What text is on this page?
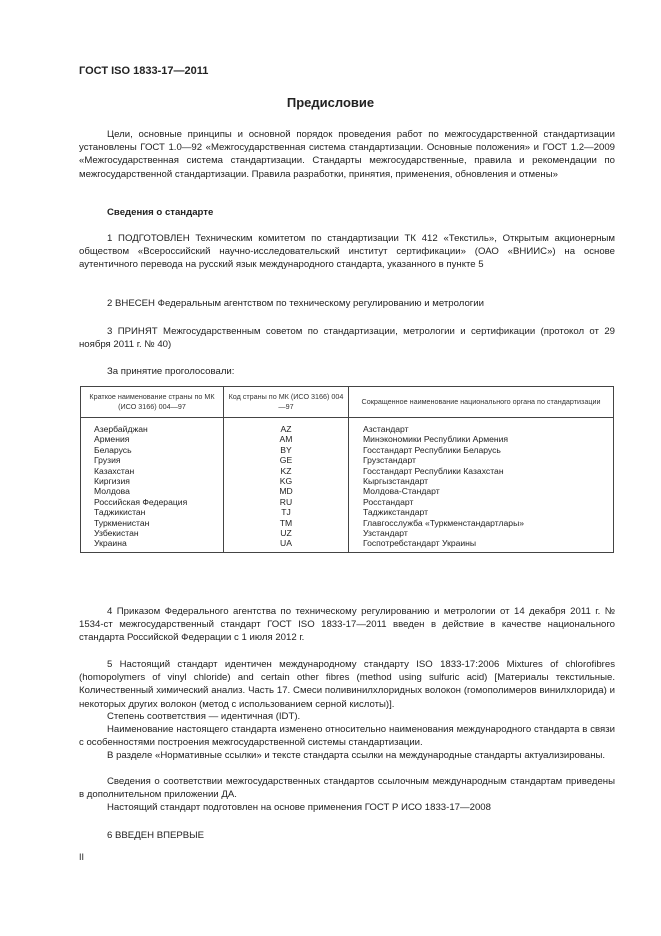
ГОСТ ISO 1833-17—2011
Предисловие
Цели, основные принципы и основной порядок проведения работ по межгосударственной стандартизации установлены ГОСТ 1.0—92 «Межгосударственная система стандартизации. Основные положения» и ГОСТ 1.2—2009 «Межгосударственная система стандартизации. Стандарты межгосударственные, правила и рекомендации по межгосударственной стандартизации. Правила разработки, принятия, применения, обновления и отмены»
Сведения о стандарте
1 ПОДГОТОВЛЕН Техническим комитетом по стандартизации ТК 412 «Текстиль», Открытым акционерным обществом «Всероссийский научно-исследовательский институт сертификации» (ОАО «ВНИИС») на основе аутентичного перевода на русский язык международного стандарта, указанного в пункте 5
2 ВНЕСЕН Федеральным агентством по техническому регулированию и метрологии
3 ПРИНЯТ Межгосударственным советом по стандартизации, метрологии и сертификации (протокол от 29 ноября 2011 г. № 40)
За принятие проголосовали:
Краткое наименование страны по МК (ИСО 3166) 004—97	Код страны по МК (ИСО 3166) 004—97	Сокращенное наименование национального органа по стандартизации
Азербайджан	AZ	Азстандарт
Армения	AM	Минэкономики Республики Армения
Беларусь	BY	Госстандарт Республики Беларусь
Грузия	GE	Грузстандарт
Казахстан	KZ	Госстандарт Республики Казахстан
Киргизия	KG	Кыргызстандарт
Молдова	MD	Молдова-Стандарт
Российская Федерация	RU	Росстандарт
Таджикистан	TJ	Таджикстандарт
Туркменистан	TM	Главгосслужба «Туркменстандартлары»
Узбекистан	UZ	Узстандарт
Украина	UA	Госпотребстандарт Украины
4 Приказом Федерального агентства по техническому регулированию и метрологии от 14 декабря 2011 г. № 1534-ст межгосударственный стандарт ГОСТ ISO 1833-17—2011 введен в действие в качестве национального стандарта Российской Федерации с 1 июля 2012 г.
5 Настоящий стандарт идентичен международному стандарту ISO 1833-17:2006 Mixtures of chlorofibres (homopolymers of vinyl chloride) and certain other fibres (method using sulfuric acid) [Материалы текстильные. Количественный химический анализ. Часть 17. Смеси поливинилхлоридных волокон (гомополимеров винилхлорида) и некоторых других волокон (метод с использованием серной кислоты)].
Степень соответствия — идентичная (IDT).
Наименование настоящего стандарта изменено относительно наименования международного стандарта в связи с особенностями построения межгосударственной системы стандартизации.
В разделе «Нормативные ссылки» и тексте стандарта ссылки на международные стандарты актуализированы.
Сведения о соответствии межгосударственных стандартов ссылочным международным стандартам приведены в дополнительном приложении ДА.
Настоящий стандарт подготовлен на основе применения ГОСТ Р ИСО 1833-17—2008
6 ВВЕДЕН ВПЕРВЫЕ
II
